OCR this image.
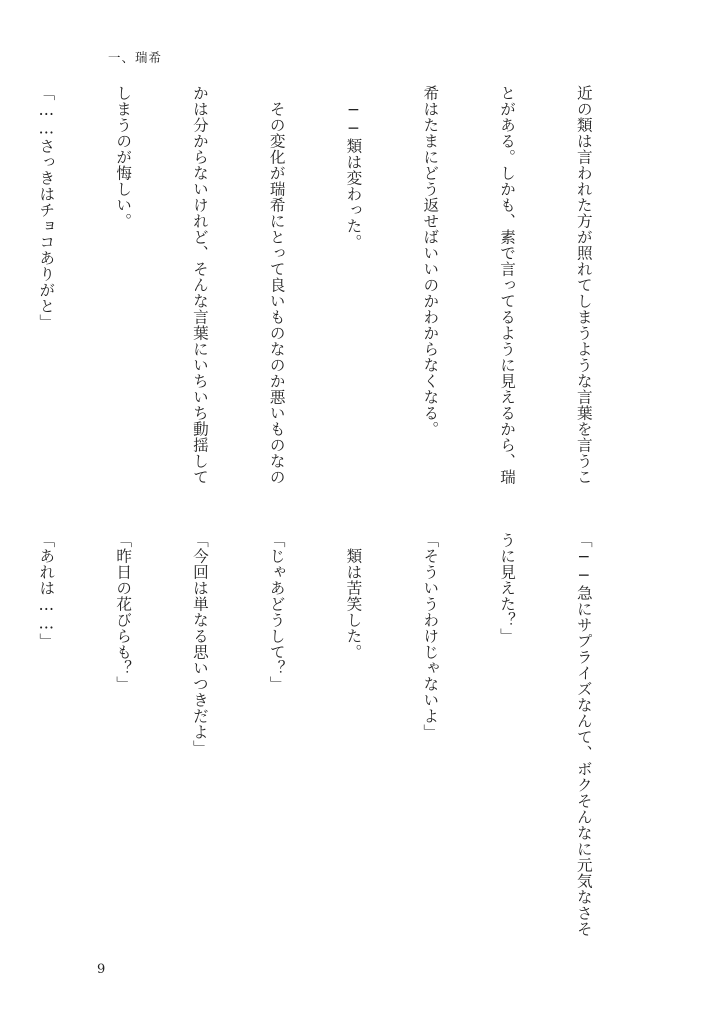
一、瑞希

近の類は言われた方が照れてしまうような言葉を言うこ

とがある。しかも、素で言ってるように見えるから、瑞

希はたまにどう返せばいいのかわからなくなる。

　──類は変わった。

　その変化が瑞希にとって良いものなのか悪いものなの

かは分からないけれど、そんな言葉にいちいち動揺して

しまうのが悔しい。

「……さっきはチョコありがと」

「──急にサプライズなんて、ボクそんなに元気なさそ

うに見えた？」

「そういうわけじゃないよ」

　類は苦笑した。

「じゃあどうして？」

「今回は単なる思いつきだよ」

「昨日の花びらも？」

「あれは……」

9
